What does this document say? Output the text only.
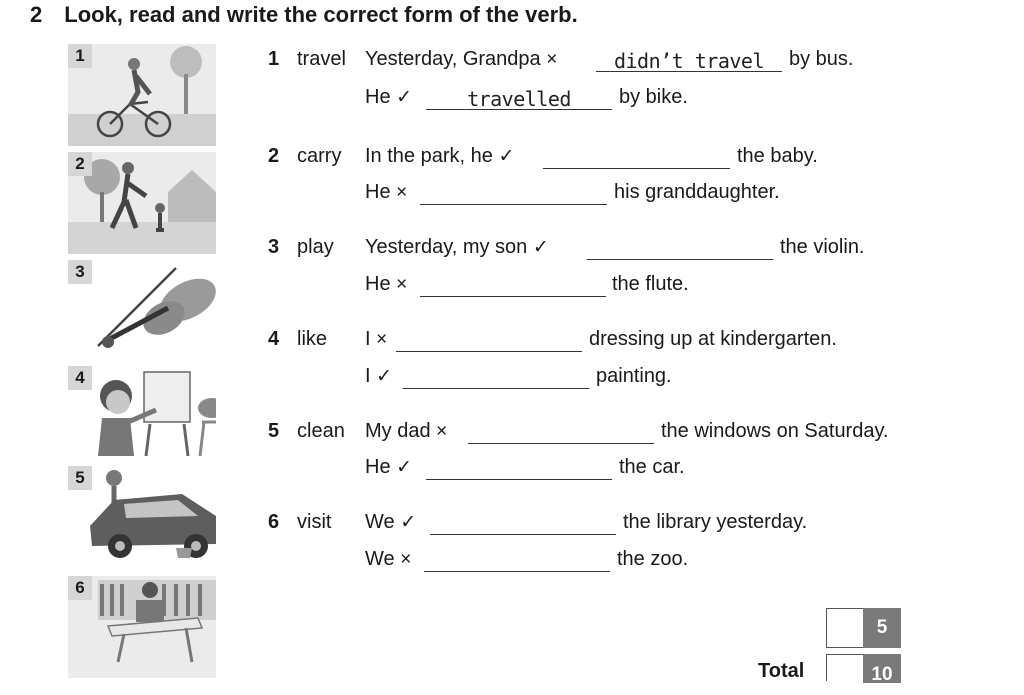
2 Look, read and write the correct form of the verb.
1
2
3
4
5
6
1 travel Yesterday, Grandpa ×	didn’t travel	by bus.
He ✓	travelled	by bike.
2 carry In the park, he ✓	the baby.
He ×	his granddaughter.
3 play Yesterday, my son ✓	the violin.
He ×	the flute.
4 like I ×	dressing up at kindergarten.
I ✓	painting.
5 clean My dad ×	the windows on Saturday.
He ✓	the car.
6 visit We ✓	the library yesterday.
We ×	the zoo.
5
Total	10
